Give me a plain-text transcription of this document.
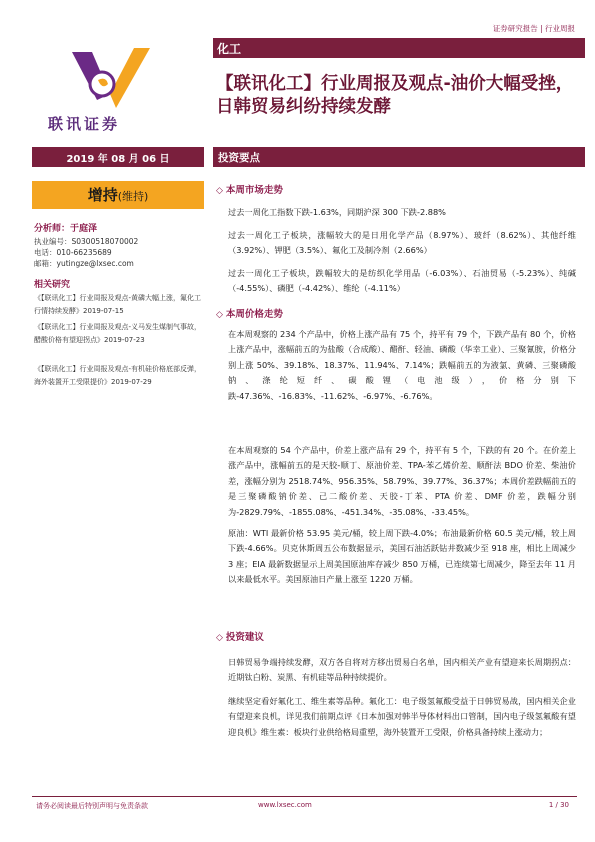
证券研究报告 | 行业周报
联讯证券
化工
【联讯化工】行业周报及观点-油价大幅受挫，日韩贸易纠纷持续发酵
2019 年 08 月 06 日	投资要点
增持(维持)
分析师：于庭泽
执业编号：S0300518070002
电话：010-66235689
邮箱：yutingze@lxsec.com
相关研究
《【联讯化工】行业周报及观点-黄磷大幅上涨，氟化工行情持续发酵》2019-07-15
《【联讯化工】行业周报及观点-义马发生煤制气事故，醋酸价格有望迎拐点》2019-07-23
《【联讯化工】行业周报及观点-有机硅价格底部反弹，海外装置开工受限提价》2019-07-29
◇ 本周市场走势
过去一周化工指数下跌-1.63%，同期沪深 300 下跌-2.88%
过去一周化工子板块，涨幅较大的是日用化学产品（8.97%）、玻纤（8.62%）、其他纤维（3.92%）、钾肥（3.5%）、氟化工及制冷剂（2.66%）
过去一周化工子板块，跌幅较大的是纺织化学用品（-6.03%）、石油贸易（-5.23%）、纯碱（-4.55%）、磷肥（-4.42%）、维纶（-4.11%）
◇ 本周价格走势
在本周观察的 234 个产品中，价格上涨产品有 75 个，持平有 79 个，下跌产品有 80 个，价格上涨产品中，涨幅前五的为盐酸（合成酸）、醋酐、轻油、磷酸（华幸工业）、三聚氰胺，价格分别上涨 50%、39.18%、18.37%、11.94%、7.14%；跌幅前五的为液氯、黄磷、三聚磷酸钠、涤纶短纤、碳酸锂（电池级），价格分别下跌-47.36%、-16.83%、-11.62%、-6.97%、-6.76%。
在本周观察的 54 个产品中，价差上涨产品有 29 个，持平有 5 个，下跌的有 20 个。在价差上涨产品中，涨幅前五的是天胶-顺丁、原油价差、TPA-苯乙烯价差、顺酐法 BDO 价差、柴油价差，涨幅分别为 2518.74%、956.35%、58.79%、39.77%、36.37%；本周价差跌幅前五的是三聚磷酸钠价差、己二酸价差、天胶-丁苯、PTA 价差、DMF 价差，跌幅分别为-2829.79%、-1855.08%、-451.34%、-35.08%、-33.45%。
原油：WTI 最新价格 53.95 美元/桶，较上周下跌-4.0%；布油最新价格 60.5 美元/桶，较上周下跌-4.66%。贝克休斯周五公布数据显示，美国石油活跃钻井数减少至 918 座，相比上周减少 3 座；EIA 最新数据显示上周美国原油库存减少 850 万桶，已连续第七周减少，降至去年 11 月以来最低水平。美国原油日产量上涨至 1220 万桶。
◇ 投资建议
日韩贸易争端持续发酵，双方各自将对方移出贸易白名单，国内相关产业有望迎来长周期拐点：近期钛白粉、炭黑、有机硅等品种持续提价。
继续坚定看好氟化工、维生素等品种。氟化工：电子级氢氟酸受益于日韩贸易战，国内相关企业有望迎来良机，详见我们前期点评《日本加强对韩半导体材料出口管制，国内电子级氢氟酸有望迎良机》维生素：板块行业供给格局重塑，海外装置开工受限，价格具备持续上涨动力；
请务必阅读最后特别声明与免责条款	www.lxsec.com	1 / 30
